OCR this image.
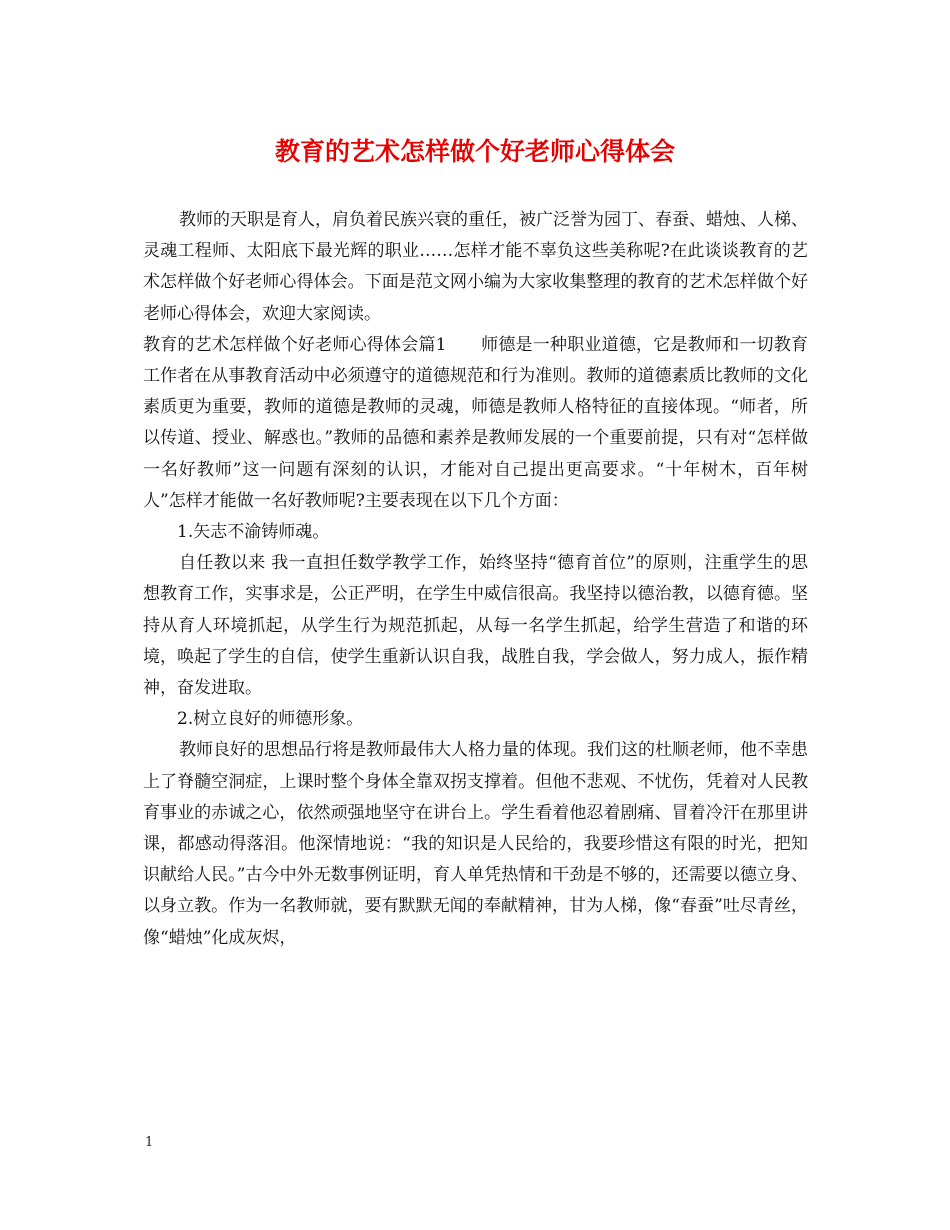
教育的艺术怎样做个好老师心得体会

教师的天职是育人，肩负着民族兴衰的重任，被广泛誉为园丁、春蚕、蜡烛、人梯、灵魂工程师、太阳底下最光辉的职业……怎样才能不辜负这些美称呢?在此谈谈教育的艺术怎样做个好老师心得体会。下面是范文网小编为大家收集整理的教育的艺术怎样做个好老师心得体会，欢迎大家阅读。

教育的艺术怎样做个好老师心得体会篇1　　师德是一种职业道德，它是教师和一切教育工作者在从事教育活动中必须遵守的道德规范和行为准则。教师的道德素质比教师的文化素质更为重要，教师的道德是教师的灵魂，师德是教师人格特征的直接体现。“师者，所以传道、授业、解惑也。”教师的品德和素养是教师发展的一个重要前提，只有对“怎样做一名好教师”这一问题有深刻的认识，才能对自己提出更高要求。“十年树木，百年树人”怎样才能做一名好教师呢?主要表现在以下几个方面：

1.矢志不渝铸师魂。

自任教以来 我一直担任数学教学工作，始终坚持“德育首位”的原则，注重学生的思想教育工作，实事求是，公正严明，在学生中威信很高。我坚持以德治教，以德育德。坚持从育人环境抓起，从学生行为规范抓起，从每一名学生抓起，给学生营造了和谐的环境，唤起了学生的自信，使学生重新认识自我，战胜自我，学会做人，努力成人，振作精神，奋发进取。

2.树立良好的师德形象。

教师良好的思想品行将是教师最伟大人格力量的体现。我们这的杜顺老师，他不幸患上了脊髓空洞症，上课时整个身体全靠双拐支撑着。但他不悲观、不忧伤，凭着对人民教育事业的赤诚之心，依然顽强地坚守在讲台上。学生看着他忍着剧痛、冒着冷汗在那里讲课，都感动得落泪。他深情地说：“我的知识是人民给的，我要珍惜这有限的时光，把知识献给人民。”古今中外无数事例证明，育人单凭热情和干劲是不够的，还需要以德立身、以身立教。作为一名教师就，要有默默无闻的奉献精神，甘为人梯，像“春蚕”吐尽青丝，像“蜡烛”化成灰烬，

1
